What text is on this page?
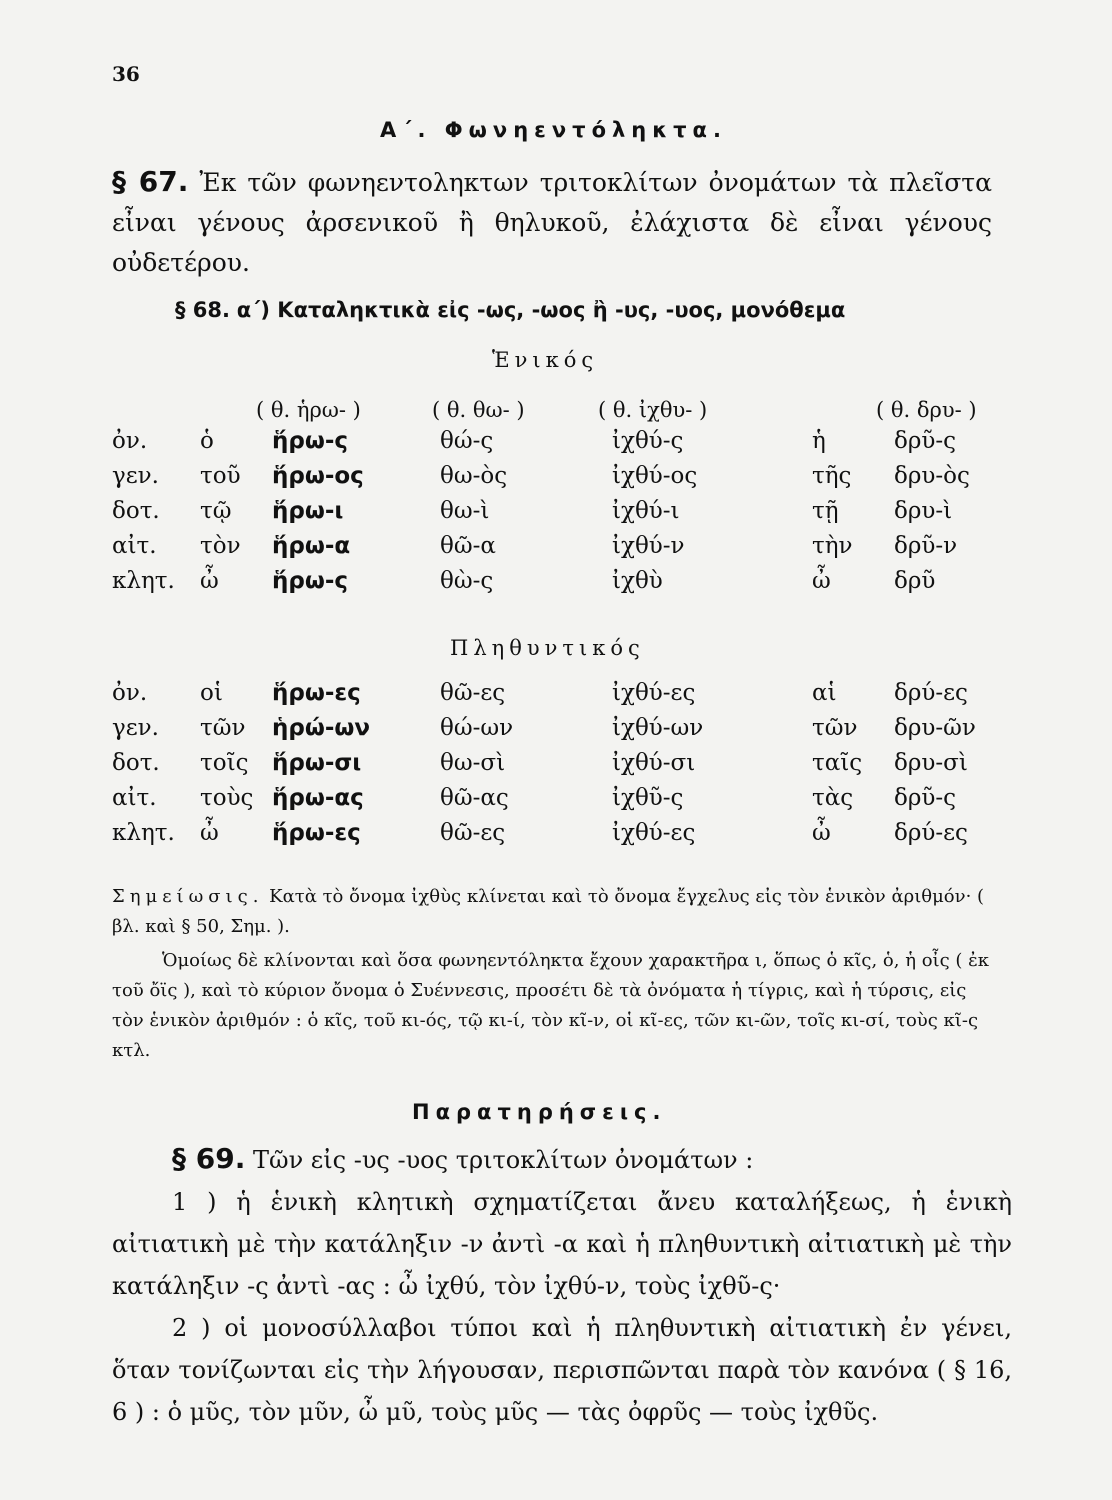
36
Α΄. Φωνηεντόληκτα.
§ 67. Ἐκ τῶν φωνηεντοληκτων τριτοκλίτων ὀνομάτων τὰ πλεῖστα εἶναι γένους ἀρσενικοῦ ἢ θηλυκοῦ, ἐλάχιστα δὲ εἶναι γένους οὐδετέρου.
§ 68. α΄) Καταληκτικὰ εἰς -ως, -ωος ἢ -υς, -υος, μονόθεμα
Ἑνικός
( θ. ἡρω- )	( θ. θω- )	( θ. ἰχθυ- )	( θ. δρυ- )
ὀν. ὁ	ἥρω-ς	θώ-ς	ἰχθύ-ς	ἡ	δρῦ-ς
γεν. τοῦ ἥρω-ος	θω-ὸς	ἰχθύ-ος	τῆς δρυ-ὸς
δοτ. τῷ ἥρω-ι	θω-ὶ	ἰχθύ-ι	τῇ δρυ-ὶ
αἰτ. τὸν ἥρω-α	θῶ-α	ἰχθύ-ν	τὴν δρῦ-ν
κλητ. ὦ ἥρω-ς	θὼ-ς	ἰχθὺ	ὦ	δρῦ
Πληθυντικός
ὀν. οἱ ἥρω-ες	θῶ-ες	ἰχθύ-ες	αἱ δρύ-ες
γεν. τῶν ἡρώ-ων	θώ-ων	ἰχθύ-ων	τῶν δρυ-ῶν
δοτ. τοῖς ἥρω-σι	θω-σὶ	ἰχθύ-σι	ταῖς δρυ-σὶ
αἰτ. τοὺς ἥρω-ας	θῶ-ας	ἰχθῦ-ς	τὰς δρῦ-ς
κλητ. ὦ ἥρω-ες	θῶ-ες	ἰχθύ-ες	ὦ	δρύ-ες

Σημείωσις. Κατὰ τὸ ὄνομα ἰχθὺς κλίνεται καὶ τὸ ὄνομα ἔγχελυς εἰς τὸν ἑνικὸν ἀριθμόν· ( βλ. καὶ § 50, Σημ. ).

Ὁμοίως δὲ κλίνονται καὶ ὅσα φωνηεντόληκτα ἔχουν χαρακτῆρα ι, ὅπως ὁ κῖς, ὁ, ἡ οἶς ( ἐκ τοῦ ὄϊς ), καὶ τὸ κύριον ὄνομα ὁ Συέννεσις, προσέτι δὲ τὰ ὀνόματα ἡ τίγρις, καὶ ἡ τύρσις, εἰς τὸν ἑνικὸν ἀριθμόν : ὁ κῖς, τοῦ κι-ός, τῷ κι-ί, τὸν κῖ-ν, οἱ κῖ-ες, τῶν κι-ῶν, τοῖς κι-σί, τοὺς κῖ-ς κτλ.

Παρατηρήσεις.

§ 69. Τῶν εἰς -υς -υος τριτοκλίτων ὀνομάτων :

1 ) ἡ ἑνικὴ κλητικὴ σχηματίζεται ἄνευ καταλήξεως, ἡ ἑνικὴ αἰτιατικὴ μὲ τὴν κατάληξιν -ν ἀντὶ -α καὶ ἡ πληθυντικὴ αἰτιατικὴ μὲ τὴν κατάληξιν -ς ἀντὶ -ας : ὦ ἰχθύ, τὸν ἰχθύ-ν, τοὺς ἰχθῦ-ς·

2 ) οἱ μονοσύλλαβοι τύποι καὶ ἡ πληθυντικὴ αἰτιατικὴ ἐν γένει, ὅταν τονίζωνται εἰς τὴν λήγουσαν, περισπῶνται παρὰ τὸν κανόνα ( § 16, 6 ) : ὁ μῦς, τὸν μῦν, ὦ μῦ, τοὺς μῦς — τὰς ὀφρῦς — τοὺς ἰχθῦς.
